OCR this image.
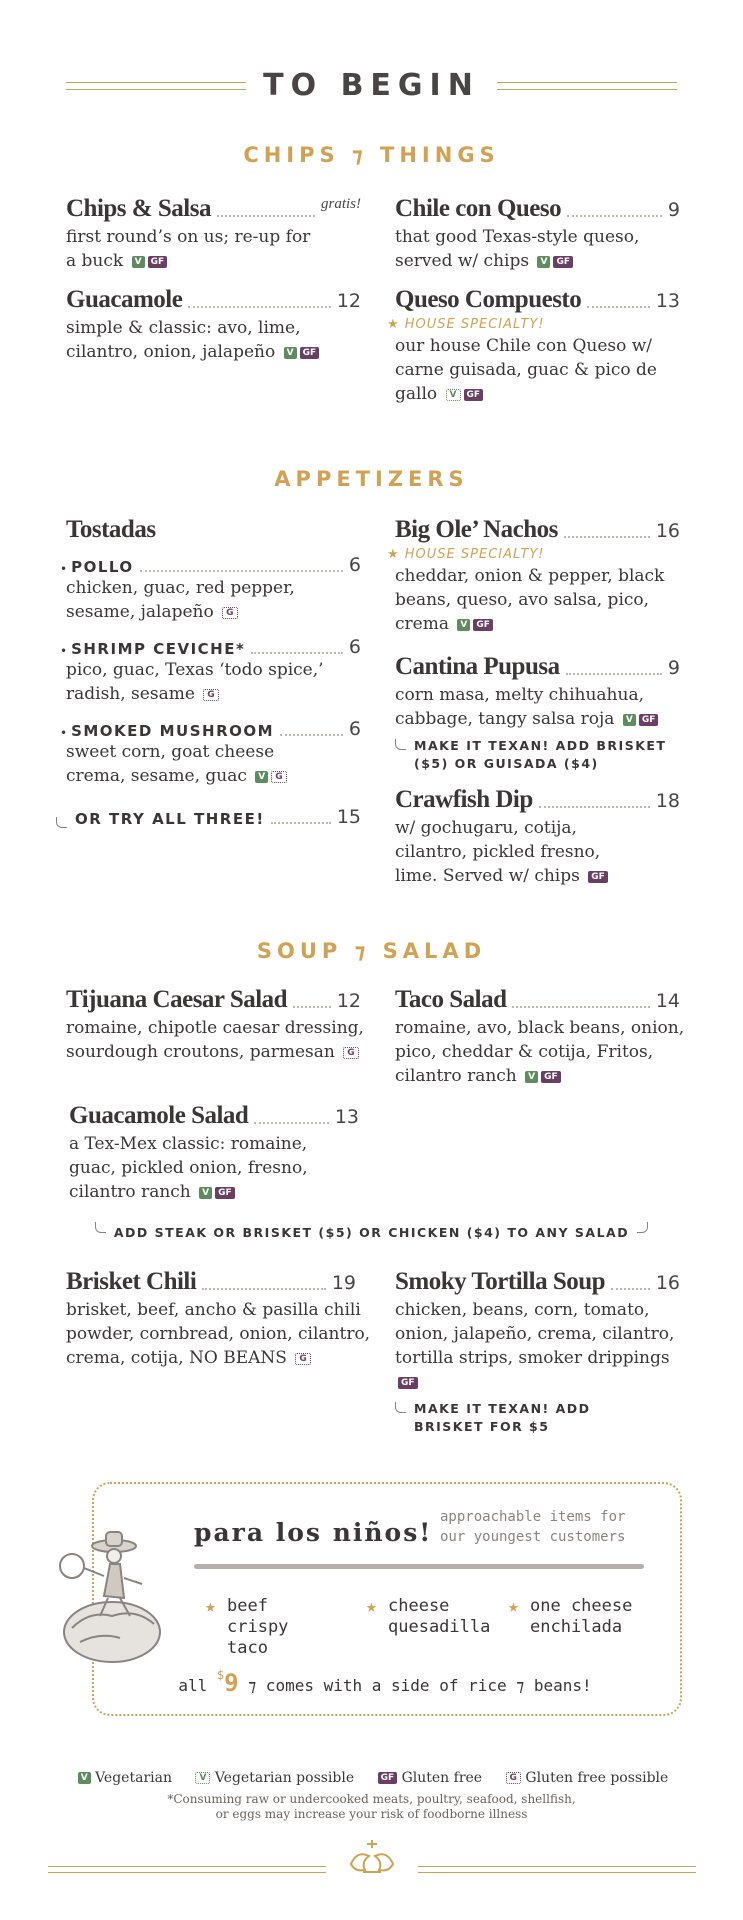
TO BEGIN
CHIPS ⁊ THINGS
Chips & Salsa	gratis!
first round’s on us; re-up for a buck V GF
Chile con Queso	9
that good Texas-style queso, served w/ chips V GF
Guacamole	12
simple & classic: avo, lime, cilantro, onion, jalapeño V GF
Queso Compuesto	13
★ HOUSE SPECIALTY!
our house Chile con Queso w/ carne guisada, guac & pico de gallo V GF
APPETIZERS
Tostadas
• POLLO	6
chicken, guac, red pepper, sesame, jalapeño G
• SHRIMP CEVICHE*	6
pico, guac, Texas ‘todo spice,’ radish, sesame G
• SMOKED MUSHROOM	6
sweet corn, goat cheese crema, sesame, guac V G
OR TRY ALL THREE!	15
Big Ole’ Nachos	16
★ HOUSE SPECIALTY!
cheddar, onion & pepper, black beans, queso, avo salsa, pico, crema V GF
Cantina Pupusa	9
corn masa, melty chihuahua, cabbage, tangy salsa roja V GF
MAKE IT TEXAN! ADD BRISKET ($5) OR GUISADA ($4)
Crawfish Dip	18
w/ gochugaru, cotija, cilantro, pickled fresno, lime. Served w/ chips GF
SOUP ⁊ SALAD
Tijuana Caesar Salad	12
romaine, chipotle caesar dressing, sourdough croutons, parmesan G
Taco Salad	14
romaine, avo, black beans, onion, pico, cheddar & cotija, Fritos, cilantro ranch V GF
Guacamole Salad	13
a Tex-Mex classic: romaine, guac, pickled onion, fresno, cilantro ranch V GF
ADD STEAK OR BRISKET ($5) OR CHICKEN ($4) TO ANY SALAD
Brisket Chili	19
brisket, beef, ancho & pasilla chili powder, cornbread, onion, cilantro, crema, cotija, NO BEANS G
Smoky Tortilla Soup	16
chicken, beans, corn, tomato, onion, jalapeño, crema, cilantro, tortilla strips, smoker drippings GF
MAKE IT TEXAN! ADD BRISKET FOR $5
para los niños!
approachable items for our youngest customers
★ beef crispy taco
★ cheese quesadilla
★ one cheese enchilada
all $9 ⁊ comes with a side of rice ⁊ beans!
V Vegetarian	V Vegetarian possible	GF Gluten free	G Gluten free possible
*Consuming raw or undercooked meats, poultry, seafood, shellfish,
or eggs may increase your risk of foodborne illness
